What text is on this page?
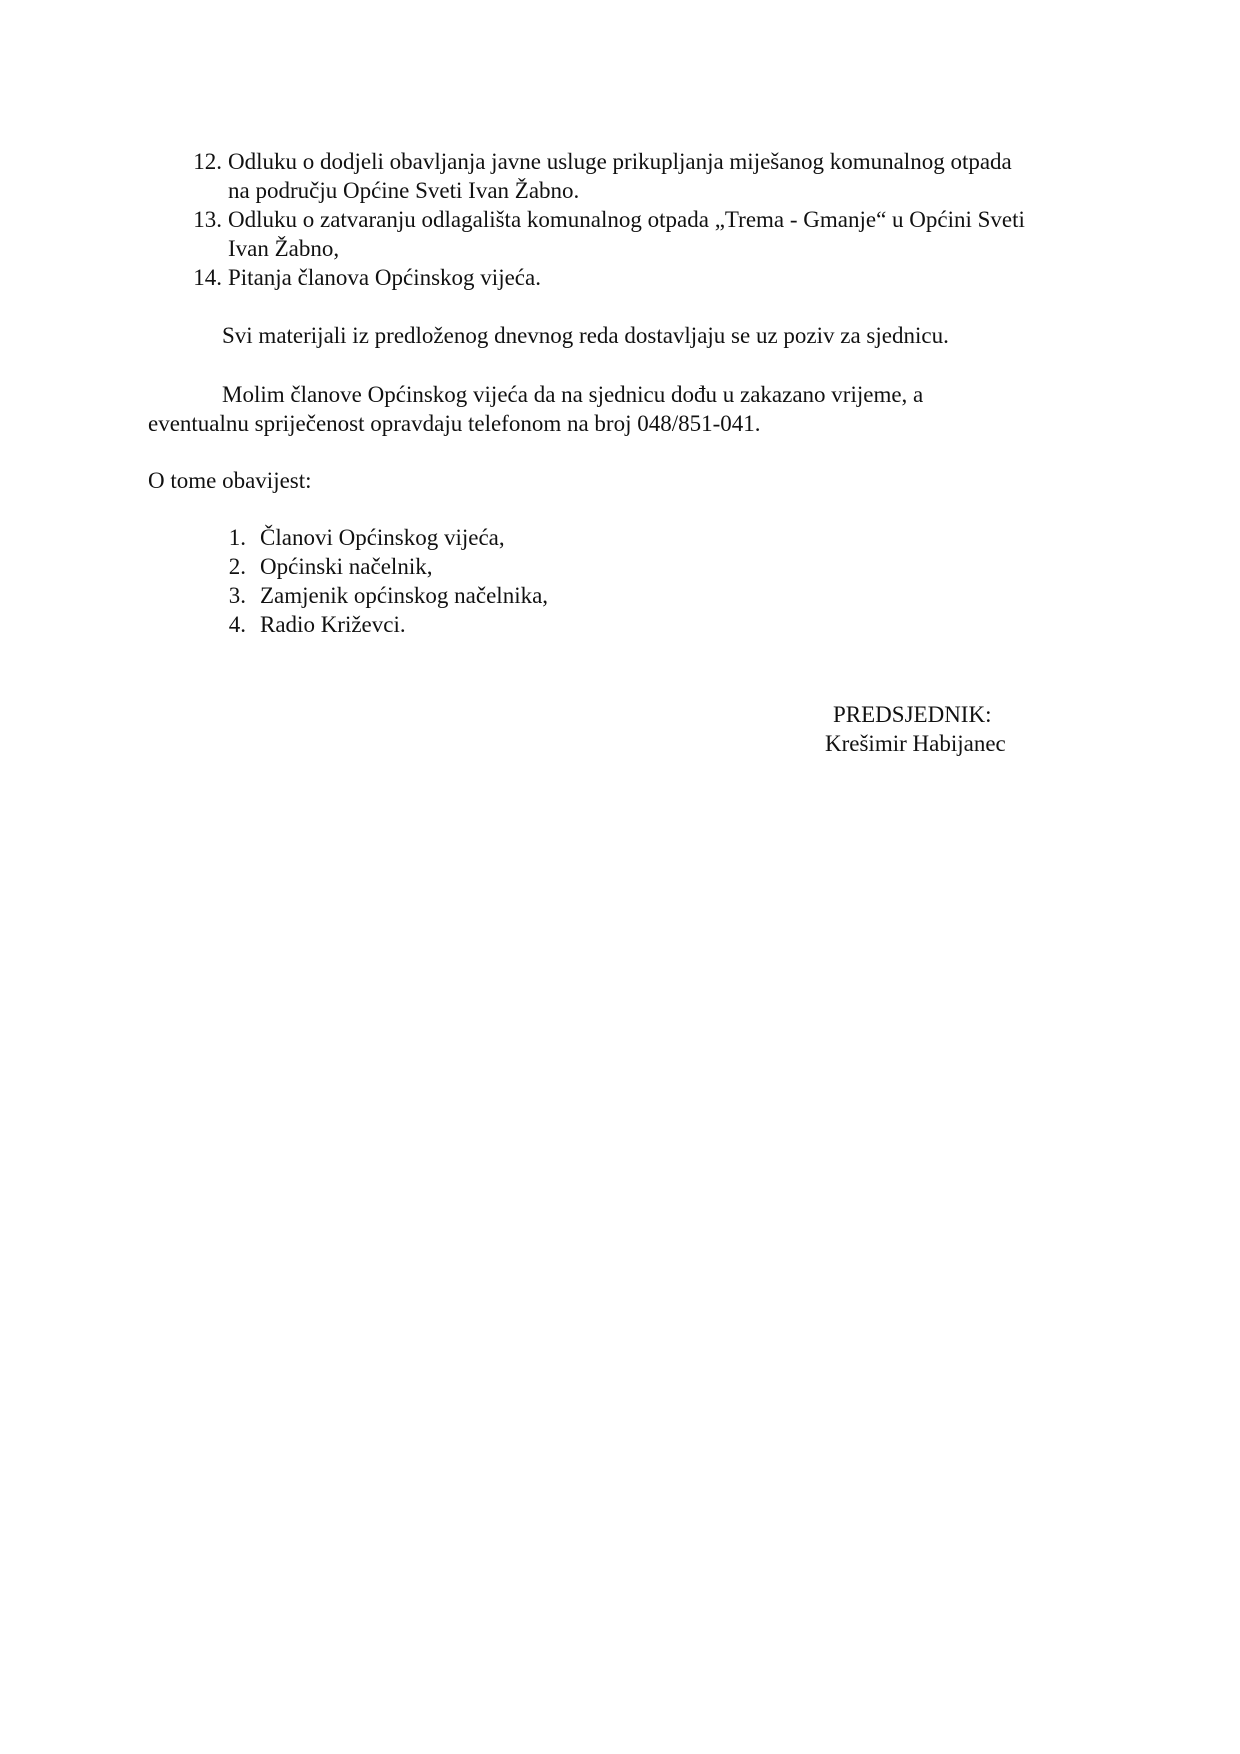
12. Odluku o dodjeli obavljanja javne usluge prikupljanja miješanog komunalnog otpada
na području Općine Sveti Ivan Žabno.
13. Odluku o zatvaranju odlagališta komunalnog otpada „Trema - Gmanje“ u Općini Sveti
Ivan Žabno,
14. Pitanja članova Općinskog vijeća.

Svi materijali iz predloženog dnevnog reda dostavljaju se uz poziv za sjednicu.

Molim članove Općinskog vijeća da na sjednicu dođu u zakazano vrijeme, a
eventualnu spriječenost opravdaju telefonom na broj 048/851-041.

O tome obavijest:

1. Članovi Općinskog vijeća,
2. Općinski načelnik,
3. Zamjenik općinskog načelnika,
4. Radio Križevci.
PREDSJEDNIK:
Krešimir Habijanec
